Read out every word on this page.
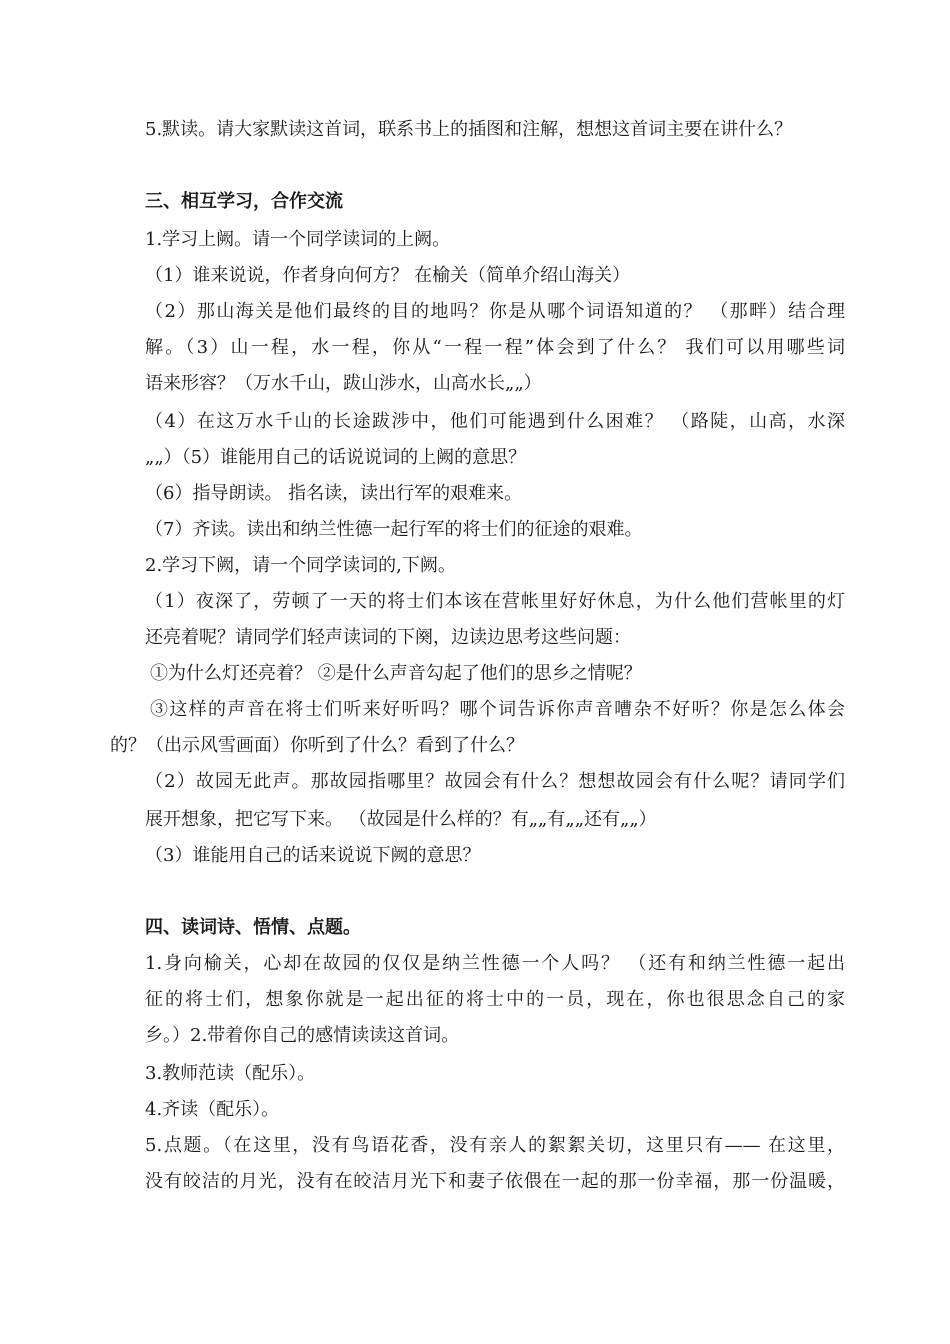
5.默读。请大家默读这首词，联系书上的插图和注解，想想这首词主要在讲什么？
三、相互学习，合作交流
1.学习上阙。请一个同学读词的上阙。
（1）谁来说说，作者身向何方？ 在榆关（简单介绍山海关）
（2）那山海关是他们最终的目的地吗？你是从哪个词语知道的？ （那畔）结合理
解。（3）山一程，水一程，你从“一程一程”体会到了什么？ 我们可以用哪些词
语来形容？（万水千山，跋山涉水，山高水长„„）
（4）在这万水千山的长途跋涉中，他们可能遇到什么困难？ （路陡，山高，水深
„„）（5）谁能用自己的话说说词的上阙的意思？
（6）指导朗读。 指名读，读出行军的艰难来。
（7）齐读。读出和纳兰性德一起行军的将士们的征途的艰难。
2.学习下阙，请一个同学读词的,下阙。
（1）夜深了，劳顿了一天的将士们本该在营帐里好好休息，为什么他们营帐里的灯
还亮着呢？请同学们轻声读词的下阕，边读边思考这些问题：
①为什么灯还亮着？ ②是什么声音勾起了他们的思乡之情呢？
③这样的声音在将士们听来好听吗？哪个词告诉你声音嘈杂不好听？你是怎么体会
的？（出示风雪画面）你听到了什么？看到了什么？
（2）故园无此声。那故园指哪里？故园会有什么？想想故园会有什么呢？请同学们
展开想象，把它写下来。 （故园是什么样的？有„„有„„还有„„）
（3）谁能用自己的话来说说下阙的意思？
四、读词诗、悟情、点题。
1.身向榆关，心却在故园的仅仅是纳兰性德一个人吗？ （还有和纳兰性德一起出
征的将士们，想象你就是一起出征的将士中的一员，现在，你也很思念自己的家
乡。）2.带着你自己的感情读读这首词。
3.教师范读（配乐）。
4.齐读（配乐）。
5.点题。（在这里，没有鸟语花香，没有亲人的絮絮关切，这里只有—— 在这里，
没有皎洁的月光，没有在皎洁月光下和妻子依偎在一起的那一份幸福，那一份温暖，
